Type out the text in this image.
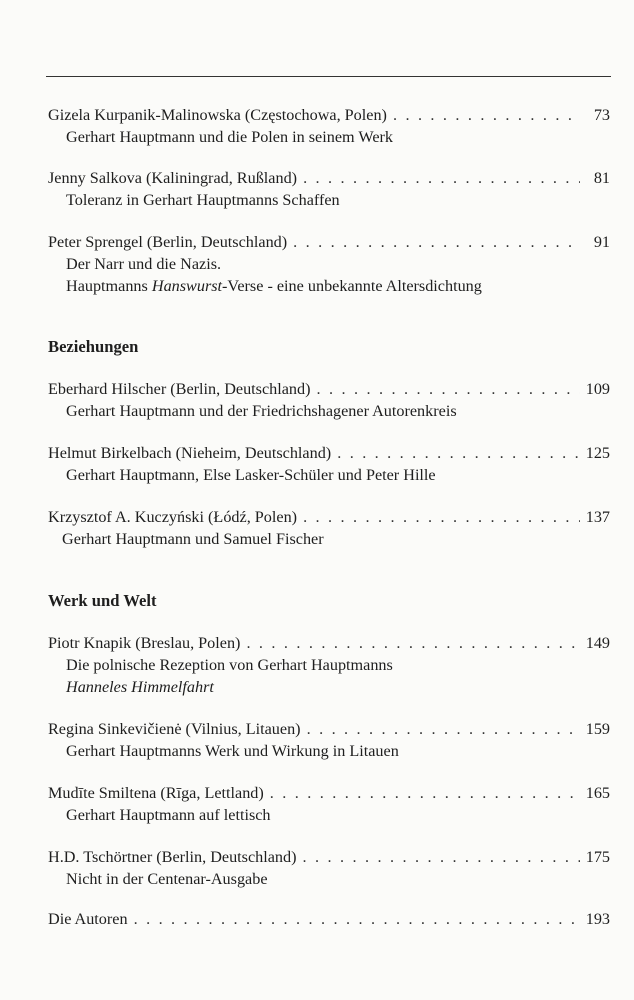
Gizela Kurpanik-Malinowska (Częstochowa, Polen) . . .	73
Gerhart Hauptmann und die Polen in seinem Werk
Jenny Salkova (Kaliningrad, Rußland) . . .	81
Toleranz in Gerhart Hauptmanns Schaffen
Peter Sprengel (Berlin, Deutschland) . . .	91
Der Narr und die Nazis.
Hauptmanns Hanswurst-Verse - eine unbekannte Altersdichtung
Beziehungen
Eberhard Hilscher (Berlin, Deutschland) . . .	109
Gerhart Hauptmann und der Friedrichshagener Autorenkreis
Helmut Birkelbach (Nieheim, Deutschland) . . .	125
Gerhart Hauptmann, Else Lasker-Schüler und Peter Hille
Krzysztof A. Kuczyński (Łódź, Polen) . . .	137
Gerhart Hauptmann und Samuel Fischer
Werk und Welt
Piotr Knapik (Breslau, Polen) . . .	149
Die polnische Rezeption von Gerhart Hauptmanns
Hanneles Himmelfahrt
Regina Sinkevičienė (Vilnius, Litauen) . . .	159
Gerhart Hauptmanns Werk und Wirkung in Litauen
Mudīte Smiltena (Rīga, Lettland) . . .	165
Gerhart Hauptmann auf lettisch
H.D. Tschörtner (Berlin, Deutschland) . . .	175
Nicht in der Centenar-Ausgabe
Die Autoren . . .	193
